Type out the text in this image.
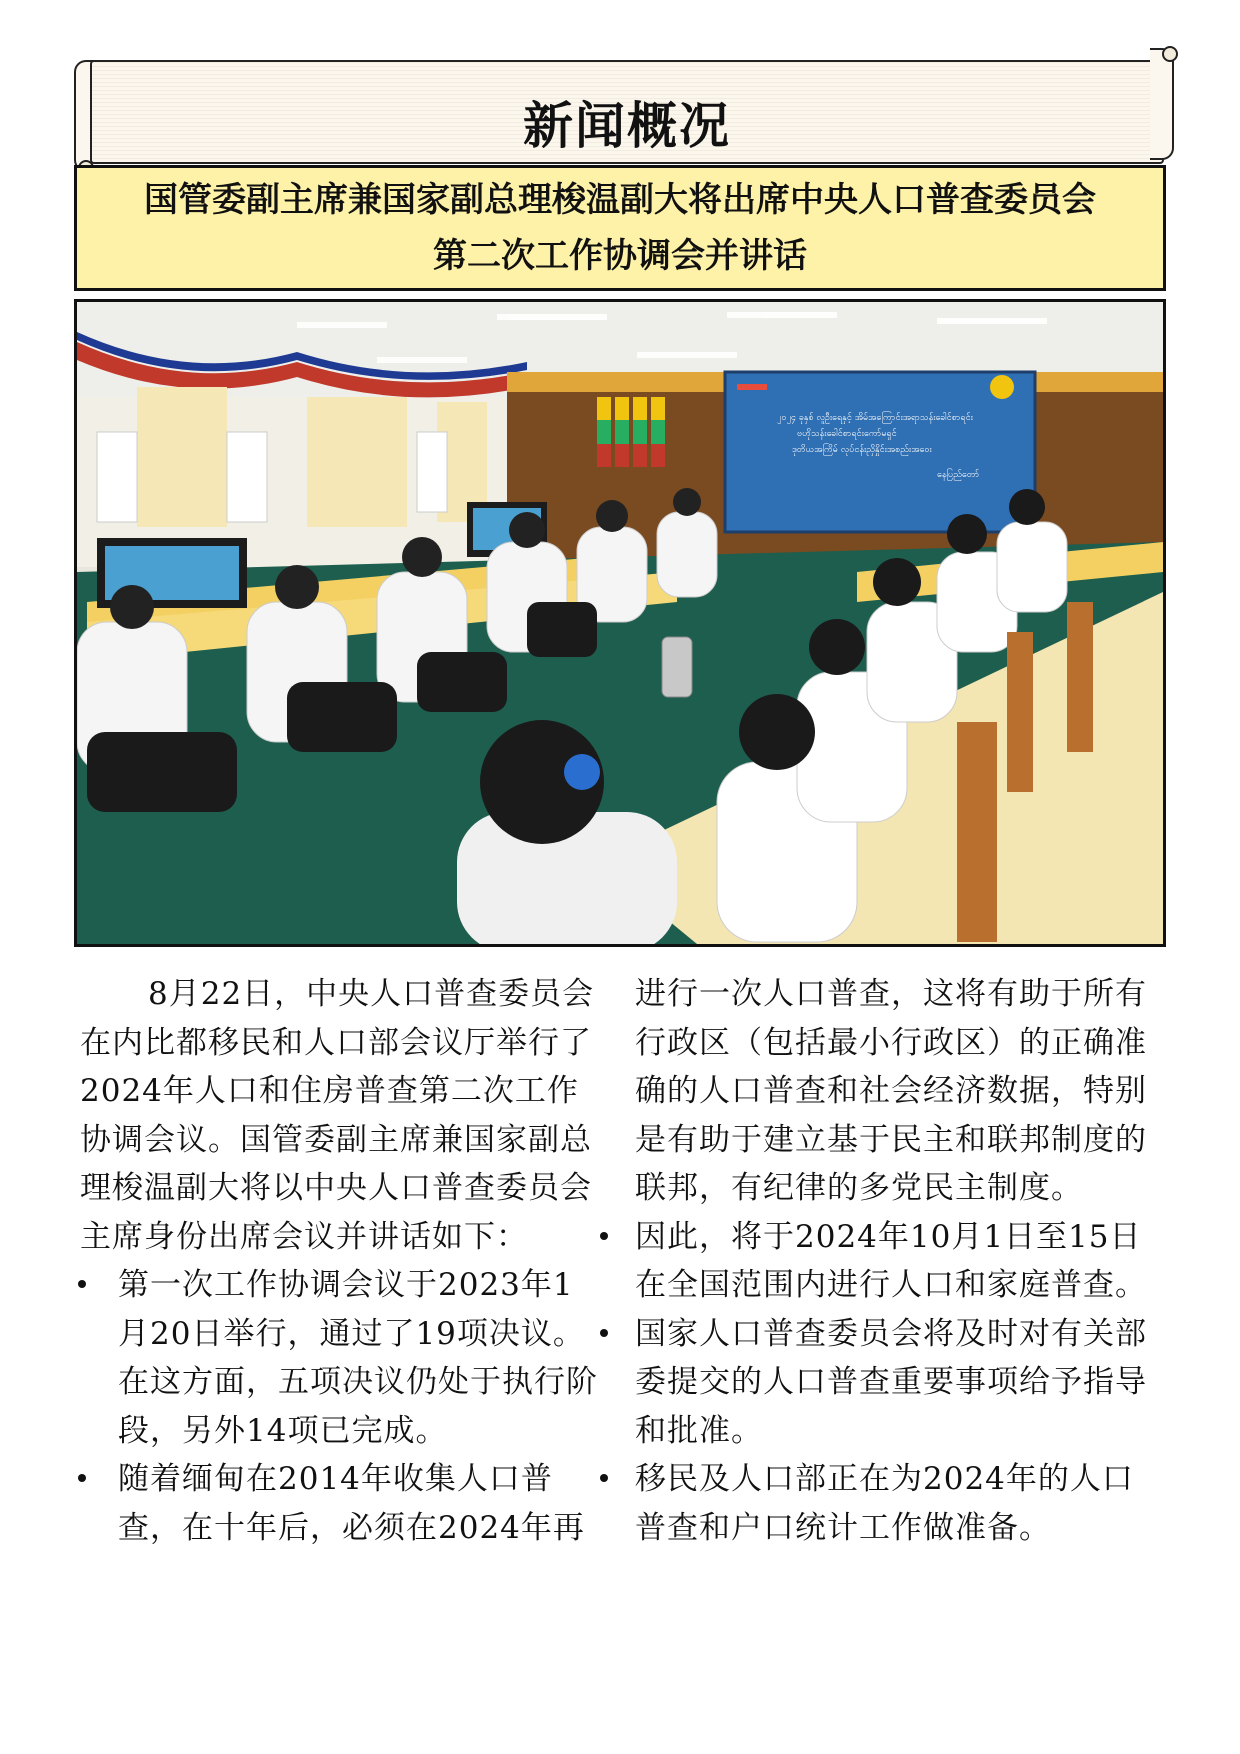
新闻概况
国管委副主席兼国家副总理梭温副大将出席中央人口普查委员会
第二次工作协调会并讲话
၂၀၂၄ ခုနှစ် လူဦးရေနှင့် အိမ်အကြောင်းအရာသန်းခေါင်စာရင်း
ဗဟိုသန်းခေါင်စာရင်းကော်မရှင်
ဒုတိယအကြိမ် လုပ်ငန်းညှိနှိုင်းအစည်းအဝေး
နေပြည်တော်

8月22日，中央人口普查委员会在内比都移民和人口部会议厅举行了2024年人口和住房普查第二次工作协调会议。国管委副主席兼国家副总理梭温副大将以中央人口普查委员会主席身份出席会议并讲话如下：

第一次工作协调会议于2023年1月20日举行，通过了19项决议。在这方面，五项决议仍处于执行阶段，另外14项已完成。
随着缅甸在2014年收集人口普查，在十年后，必须在2024年再

进行一次人口普查，这将有助于所有行政区（包括最小行政区）的正确准确的人口普查和社会经济数据，特别是有助于建立基于民主和联邦制度的联邦，有纪律的多党民主制度。

因此，将于2024年10月1日至15日在全国范围内进行人口和家庭普查。
国家人口普查委员会将及时对有关部委提交的人口普查重要事项给予指导和批准。
移民及人口部正在为2024年的人口普查和户口统计工作做准备。
